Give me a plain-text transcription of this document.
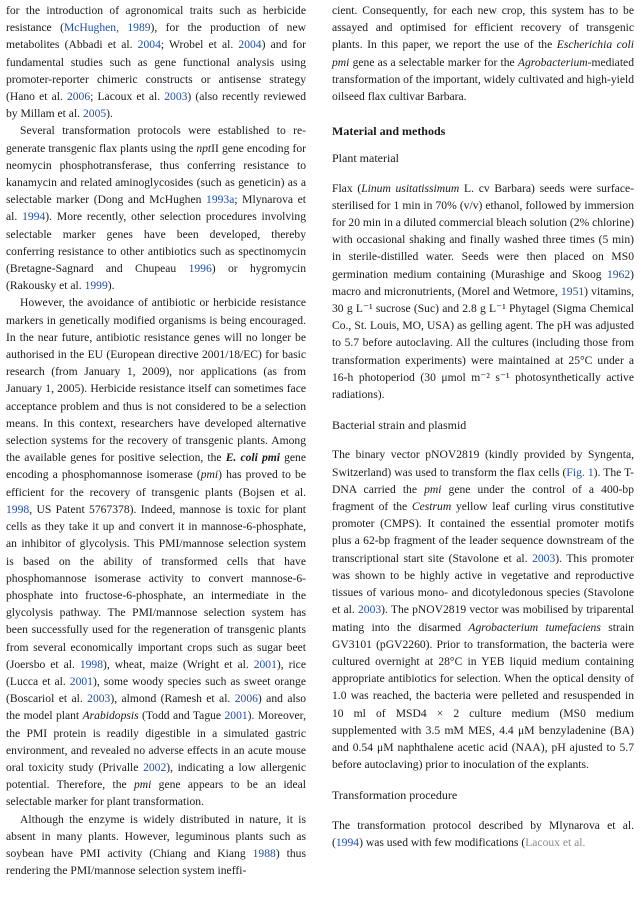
for the introduction of agronomical traits such as herbicide resistance (McHughen, 1989), for the production of new metabolites (Abbadi et al. 2004; Wrobel et al. 2004) and for fundamental studies such as gene functional analysis using promoter-reporter chimeric constructs or antisense strategy (Hano et al. 2006; Lacoux et al. 2003) (also recently reviewed by Millam et al. 2005).

Several transformation protocols were established to re-generate transgenic flax plants using the nptII gene encoding for neomycin phosphotransferase, thus conferring resistance to kanamycin and related aminoglycosides (such as geneticin) as a selectable marker (Dong and McHughen 1993a; Mlynarova et al. 1994). More recently, other selection procedures involving selectable marker genes have been developed, thereby conferring resistance to other antibiotics such as spectinomycin (Bretagne-Sagnard and Chupeau 1996) or hygromycin (Rakousky et al. 1999).

However, the avoidance of antibiotic or herbicide resistance markers in genetically modified organisms is being encouraged. In the near future, antibiotic resistance genes will no longer be authorised in the EU (European directive 2001/18/EC) for basic research (from January 1, 2009), nor applications (as from January 1, 2005). Herbicide resistance itself can sometimes face acceptance problem and thus is not considered to be a selection means. In this context, researchers have developed alternative selection systems for the recovery of transgenic plants. Among the available genes for positive selection, the E. coli pmi gene encoding a phosphomannose isomerase (pmi) has proved to be efficient for the recovery of transgenic plants (Bojsen et al. 1998, US Patent 5767378). Indeed, mannose is toxic for plant cells as they take it up and convert it in mannose-6-phosphate, an inhibitor of glycolysis. This PMI/mannose selection system is based on the ability of transformed cells that have phosphomannose isomerase activity to convert mannose-6-phosphate into fructose-6-phosphate, an intermediate in the glycolysis pathway. The PMI/mannose selection system has been successfully used for the regeneration of transgenic plants from several economically important crops such as sugar beet (Joersbo et al. 1998), wheat, maize (Wright et al. 2001), rice (Lucca et al. 2001), some woody species such as sweet orange (Boscariol et al. 2003), almond (Ramesh et al. 2006) and also the model plant Arabidopsis (Todd and Tague 2001). Moreover, the PMI protein is readily digestible in a simulated gastric environment, and revealed no adverse effects in an acute mouse oral toxicity study (Privalle 2002), indicating a low allergenic potential. Therefore, the pmi gene appears to be an ideal selectable marker for plant transformation.

Although the enzyme is widely distributed in nature, it is absent in many plants. However, leguminous plants such as soybean have PMI activity (Chiang and Kiang 1988) thus rendering the PMI/mannose selection system ineffi-

cient. Consequently, for each new crop, this system has to be assayed and optimised for efficient recovery of transgenic plants. In this paper, we report the use of the Escherichia coli pmi gene as a selectable marker for the Agrobacterium-mediated transformation of the important, widely cultivated and high-yield oilseed flax cultivar Barbara.

Material and methods
Plant material

Flax (Linum usitatissimum L. cv Barbara) seeds were surface-sterilised for 1 min in 70% (v/v) ethanol, followed by immersion for 20 min in a diluted commercial bleach solution (2% chlorine) with occasional shaking and finally washed three times (5 min) in sterile-distilled water. Seeds were then placed on MS0 germination medium containing (Murashige and Skoog 1962) macro and micronutrients, (Morel and Wetmore, 1951) vitamins, 30 g L⁻¹ sucrose (Suc) and 2.8 g L⁻¹ Phytagel (Sigma Chemical Co., St. Louis, MO, USA) as gelling agent. The pH was adjusted to 5.7 before autoclaving. All the cultures (including those from transformation experiments) were maintained at 25°C under a 16-h photoperiod (30 μmol m⁻² s⁻¹ photosynthetically active radiations).

Bacterial strain and plasmid

The binary vector pNOV2819 (kindly provided by Syngenta, Switzerland) was used to transform the flax cells (Fig. 1). The T-DNA carried the pmi gene under the control of a 400-bp fragment of the Cestrum yellow leaf curling virus constitutive promoter (CMPS). It contained the essential promoter motifs plus a 62-bp fragment of the leader sequence downstream of the transcriptional start site (Stavolone et al. 2003). This promoter was shown to be highly active in vegetative and reproductive tissues of various mono- and dicotyledonous species (Stavolone et al. 2003). The pNOV2819 vector was mobilised by triparental mating into the disarmed Agrobacterium tumefaciens strain GV3101 (pGV2260). Prior to transformation, the bacteria were cultured overnight at 28°C in YEB liquid medium containing appropriate antibiotics for selection. When the optical density of 1.0 was reached, the bacteria were pelleted and resuspended in 10 ml of MSD4 × 2 culture medium (MS0 medium supplemented with 3.5 mM MES, 4.4 μM benzyladenine (BA) and 0.54 μM naphthalene acetic acid (NAA), pH ajusted to 5.7 before autoclaving) prior to inoculation of the explants.

Transformation procedure

The transformation protocol described by Mlynarova et al. (1994) was used with few modifications (Lacoux et al.
